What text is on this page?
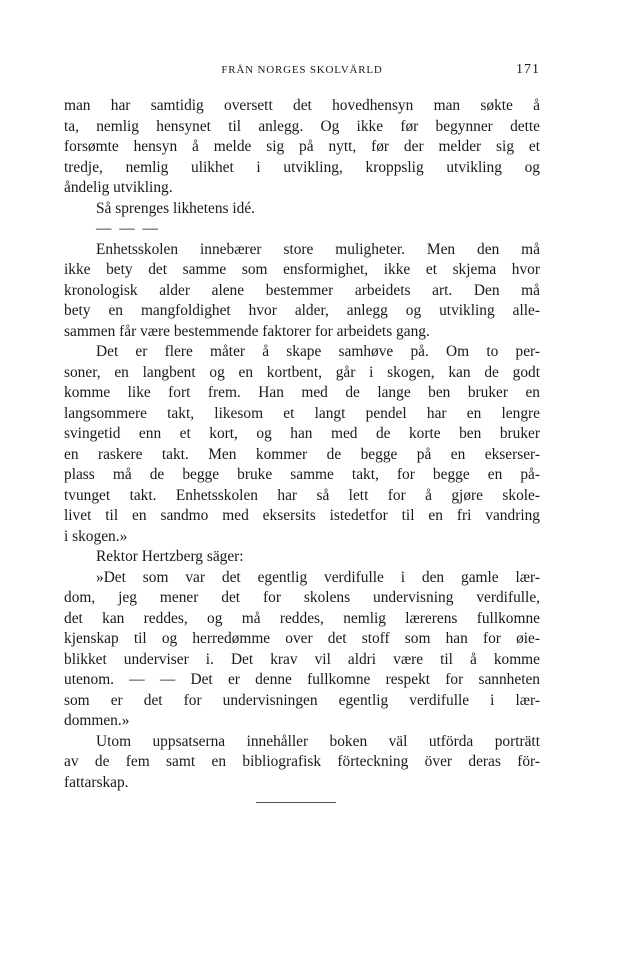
FRÅN NORGES SKOLVÄRLD	171
man har samtidig oversett det hovedhensyn man søkte å
ta, nemlig hensynet til anlegg. Og ikke før begynner dette
forsømte hensyn å melde sig på nytt, før der melder sig et
tredje, nemlig ulikhet i utvikling, kroppslig utvikling og
åndelig utvikling.
Så sprenges likhetens idé.
— — —
Enhetsskolen innebærer store muligheter. Men den må
ikke bety det samme som ensformighet, ikke et skjema hvor
kronologisk alder alene bestemmer arbeidets art. Den må
bety en mangfoldighet hvor alder, anlegg og utvikling alle-
sammen får være bestemmende faktorer for arbeidets gang.
Det er flere måter å skape samhøve på. Om to per-
soner, en langbent og en kortbent, går i skogen, kan de godt
komme like fort frem. Han med de lange ben bruker en
langsommere takt, likesom et langt pendel har en lengre
svingetid enn et kort, og han med de korte ben bruker
en raskere takt. Men kommer de begge på en ekserser-
plass må de begge bruke samme takt, for begge en på-
tvunget takt. Enhetsskolen har så lett for å gjøre skole-
livet til en sandmo med eksersits istedetfor til en fri vandring
i skogen.»
Rektor Hertzberg säger:
»Det som var det egentlig verdifulle i den gamle lær-
dom, jeg mener det for skolens undervisning verdifulle,
det kan reddes, og må reddes, nemlig lærerens fullkomne
kjenskap til og herredømme over det stoff som han for øie-
blikket underviser i. Det krav vil aldri være til å komme
utenom. — — Det er denne fullkomne respekt for sannheten
som er det for undervisningen egentlig verdifulle i lær-
dommen.»
Utom uppsatserna innehåller boken väl utförda porträtt
av de fem samt en bibliografisk förteckning över deras för-
fattarskap.
